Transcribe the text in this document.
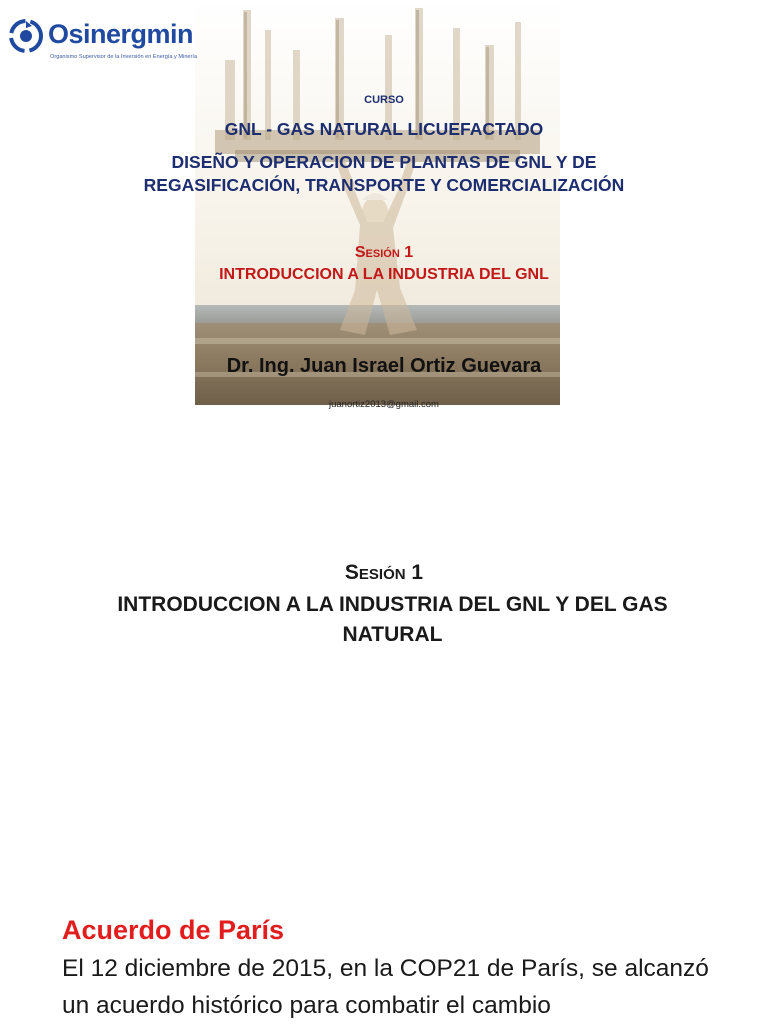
Osinergmin
Organismo Supervisor de la Inversión en Energía y Minería
CURSO
GNL - GAS NATURAL LICUEFACTADO
DISEÑO Y OPERACION DE PLANTAS DE GNL Y DE
REGASIFICACIÓN, TRANSPORTE Y COMERCIALIZACIÓN
Sesión 1
INTRODUCCION A LA INDUSTRIA DEL GNL
Dr. Ing. Juan Israel Ortiz Guevara
juanortiz2013@gmail.com
Sesión 1
INTRODUCCION A LA INDUSTRIA DEL GNL Y DEL GAS NATURAL
Acuerdo de París
El 12 diciembre de 2015, en la COP21 de París, se alcanzó un acuerdo histórico para combatir el cambio
